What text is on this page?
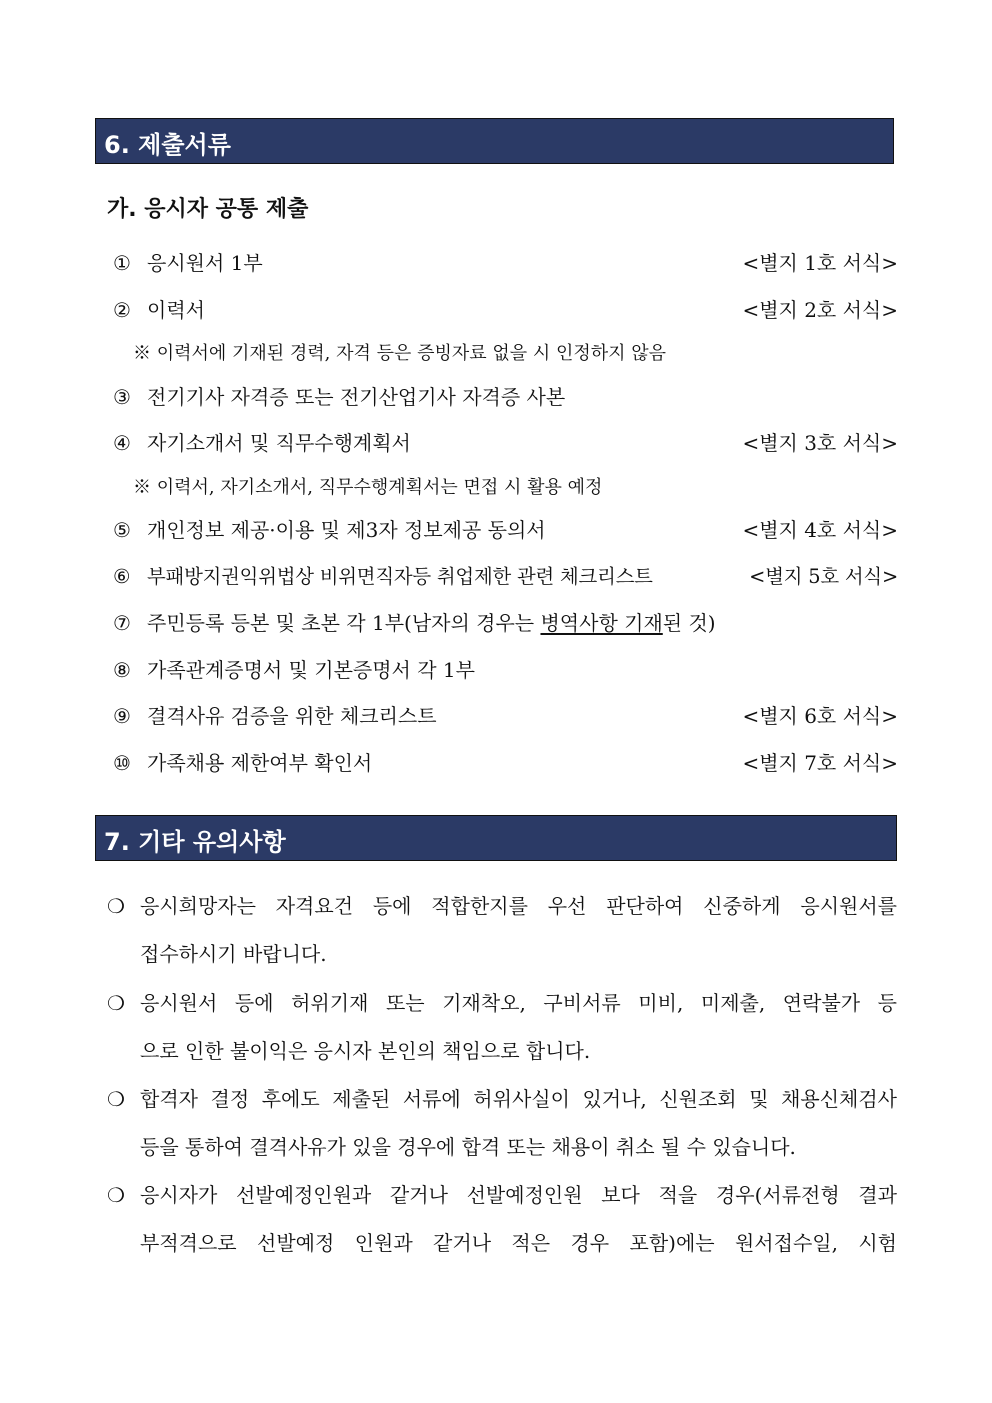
6. 제출서류
가. 응시자 공통 제출
① 응시원서 1부	<별지 1호 서식>
② 이력서	<별지 2호 서식>
※ 이력서에 기재된 경력, 자격 등은 증빙자료 없을 시 인정하지 않음
③ 전기기사 자격증 또는 전기산업기사 자격증 사본
④ 자기소개서 및 직무수행계획서	<별지 3호 서식>
※ 이력서, 자기소개서, 직무수행계획서는 면접 시 활용 예정
⑤ 개인정보 제공·이용 및 제3자 정보제공 동의서	<별지 4호 서식>
⑥ 부패방지권익위법상 비위면직자등 취업제한 관련 체크리스트	<별지 5호 서식>
⑦ 주민등록 등본 및 초본 각 1부(남자의 경우는 병역사항 기재된 것)
⑧ 가족관계증명서 및 기본증명서 각 1부
⑨ 결격사유 검증을 위한 체크리스트	<별지 6호 서식>
⑩ 가족채용 제한여부 확인서	<별지 7호 서식>
7. 기타 유의사항
❍ 응시희망자는 자격요건 등에 적합한지를 우선 판단하여 신중하게 응시원서를
접수하시기 바랍니다.
❍ 응시원서 등에 허위기재 또는 기재착오, 구비서류 미비, 미제출, 연락불가 등
으로 인한 불이익은 응시자 본인의 책임으로 합니다.
❍ 합격자 결정 후에도 제출된 서류에 허위사실이 있거나, 신원조회 및 채용신체검사
등을 통하여 결격사유가 있을 경우에 합격 또는 채용이 취소 될 수 있습니다.
❍ 응시자가 선발예정인원과 같거나 선발예정인원 보다 적을 경우(서류전형 결과
부적격으로 선발예정 인원과 같거나 적은 경우 포함)에는 원서접수일, 시험
